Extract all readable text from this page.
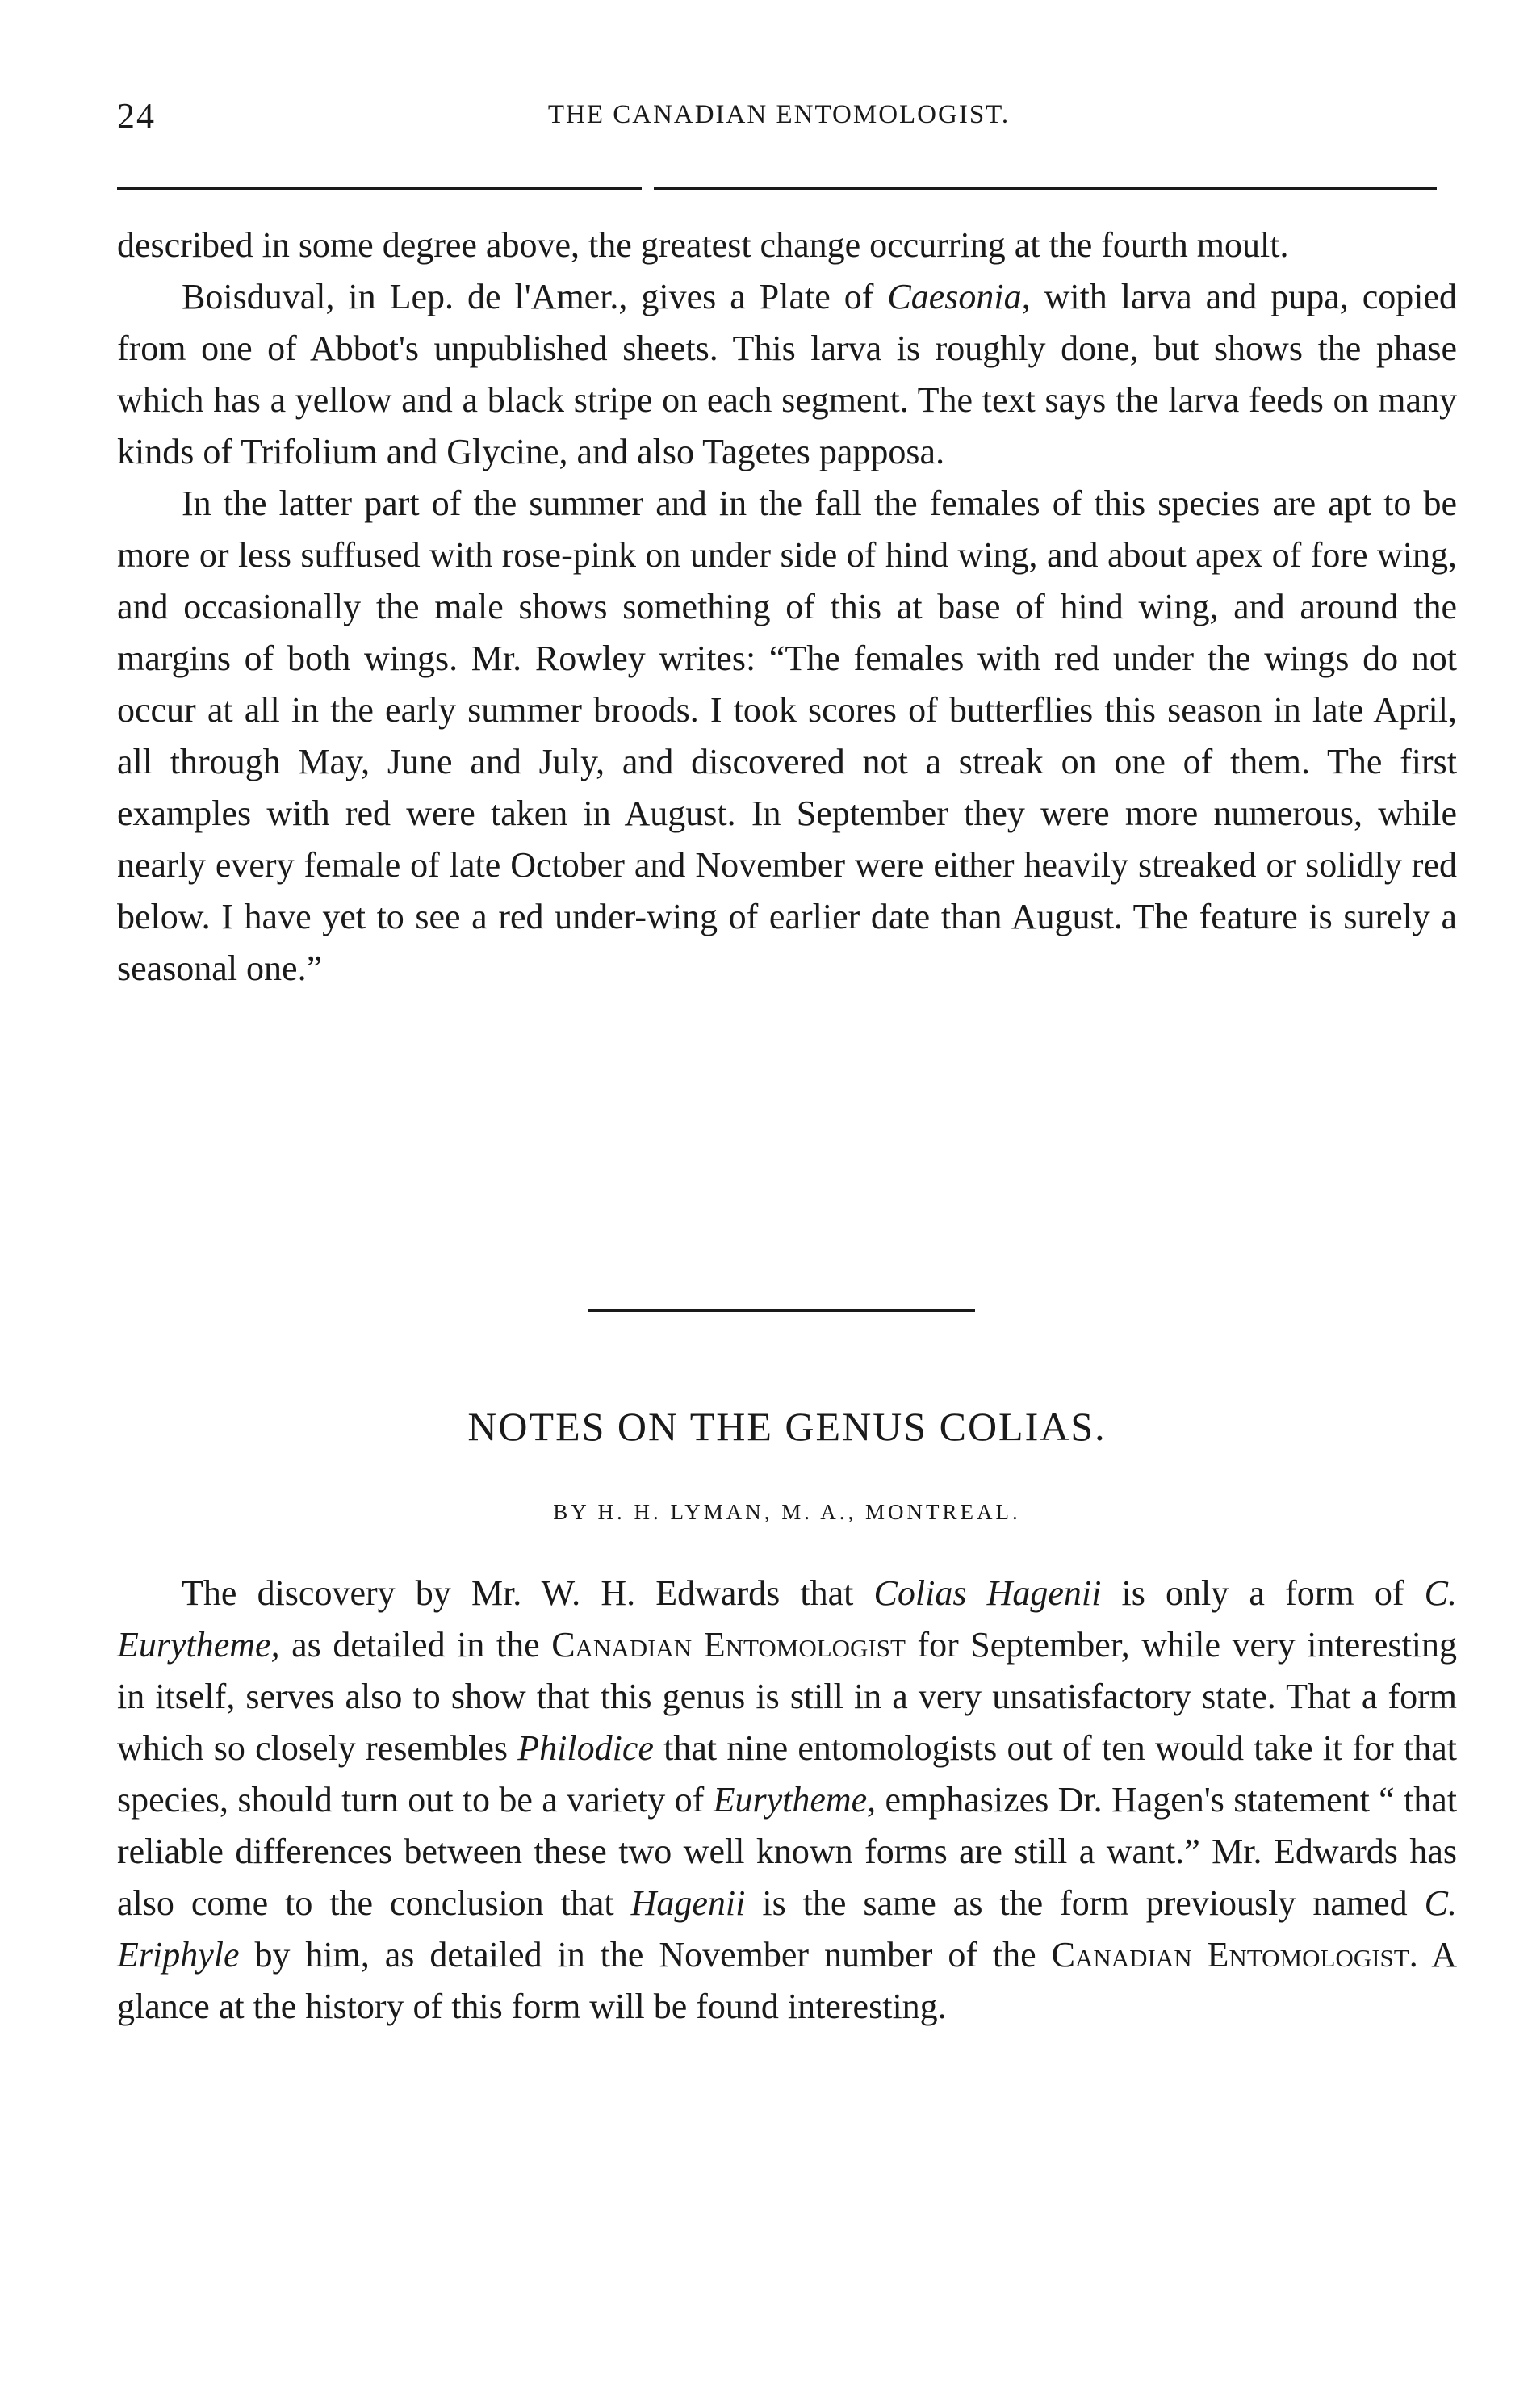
24	THE CANADIAN ENTOMOLOGIST.

described in some degree above, the greatest change occurring at the fourth moult.

Boisduval, in Lep. de l'Amer., gives a Plate of Caesonia, with larva and pupa, copied from one of Abbot's unpublished sheets. This larva is roughly done, but shows the phase which has a yellow and a black stripe on each segment. The text says the larva feeds on many kinds of Trifolium and Glycine, and also Tagetes papposa.

In the latter part of the summer and in the fall the females of this species are apt to be more or less suffused with rose-pink on under side of hind wing, and about apex of fore wing, and occasionally the male shows something of this at base of hind wing, and around the margins of both wings. Mr. Rowley writes: “The females with red under the wings do not occur at all in the early summer broods. I took scores of butterflies this season in late April, all through May, June and July, and discovered not a streak on one of them. The first examples with red were taken in August. In September they were more numerous, while nearly every female of late October and November were either heavily streaked or solidly red below. I have yet to see a red under-wing of earlier date than August. The feature is surely a seasonal one.”

NOTES ON THE GENUS COLIAS.
BY H. H. LYMAN, M. A., MONTREAL.

The discovery by Mr. W. H. Edwards that Colias Hagenii is only a form of C. Eurytheme, as detailed in the Canadian Entomologist for September, while very interesting in itself, serves also to show that this genus is still in a very unsatisfactory state. That a form which so closely resembles Philodice that nine entomologists out of ten would take it for that species, should turn out to be a variety of Eurytheme, emphasizes Dr. Hagen's statement “ that reliable differences between these two well known forms are still a want.” Mr. Edwards has also come to the conclusion that Hagenii is the same as the form previously named C. Eriphyle by him, as detailed in the November number of the Canadian Entomologist. A glance at the history of this form will be found interesting.
